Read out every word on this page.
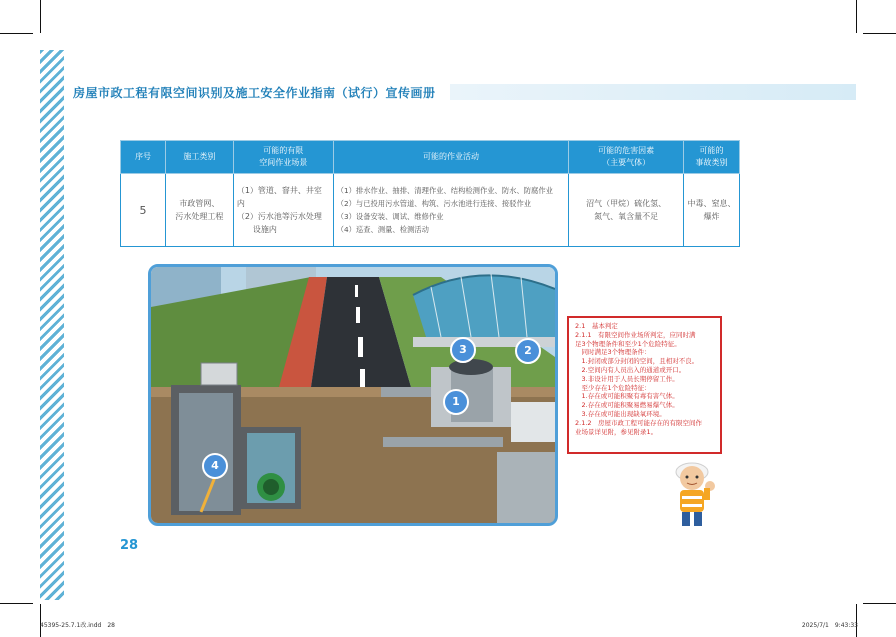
房屋市政工程有限空间识别及施工安全作业指南（试行）宣传画册
序号	施工类别	可能的有限
空间作业场景	可能的作业活动	可能的危害因素
（主要气体）	可能的
事故类别
5	市政管网、
污水处理工程	（1）管道、窨井、井室内
（2）污水池等污水处理
　　设施内	（1）排水作业、抽排、清理作业、结构检测作业、防水、防腐作业
（2）与已投用污水管道、构筑、污水池进行连接、接驳作业
（3）设备安装、调试、维修作业
（4）巡查、测量、检测活动	沼气（甲烷）硫化氢、
氮气、氧含量不足	中毒、窒息、
爆炸
1
2
3
4
2.1　基本判定
2.1.1　有限空间作业场所判定，应同时满
足3个物理条件和至少1个危险特征。
　同时满足3个物理条件：
　1.封闭或部分封闭的空间，且相对不良。
　2.空间内有人员出入的通道或开口。
　3.非设计用于人员长期停留工作。
　至少存在1个危险特征：
　1.存在或可能积聚有毒有害气体。
　2.存在或可能积聚易燃易爆气体。
　3.存在或可能出现缺氧环境。
2.1.2　房屋市政工程可能存在的有限空间作
业场景详见附，参见附录1。
28
45395-25.7.1改.indd　28	2025/7/1　9:43:33
